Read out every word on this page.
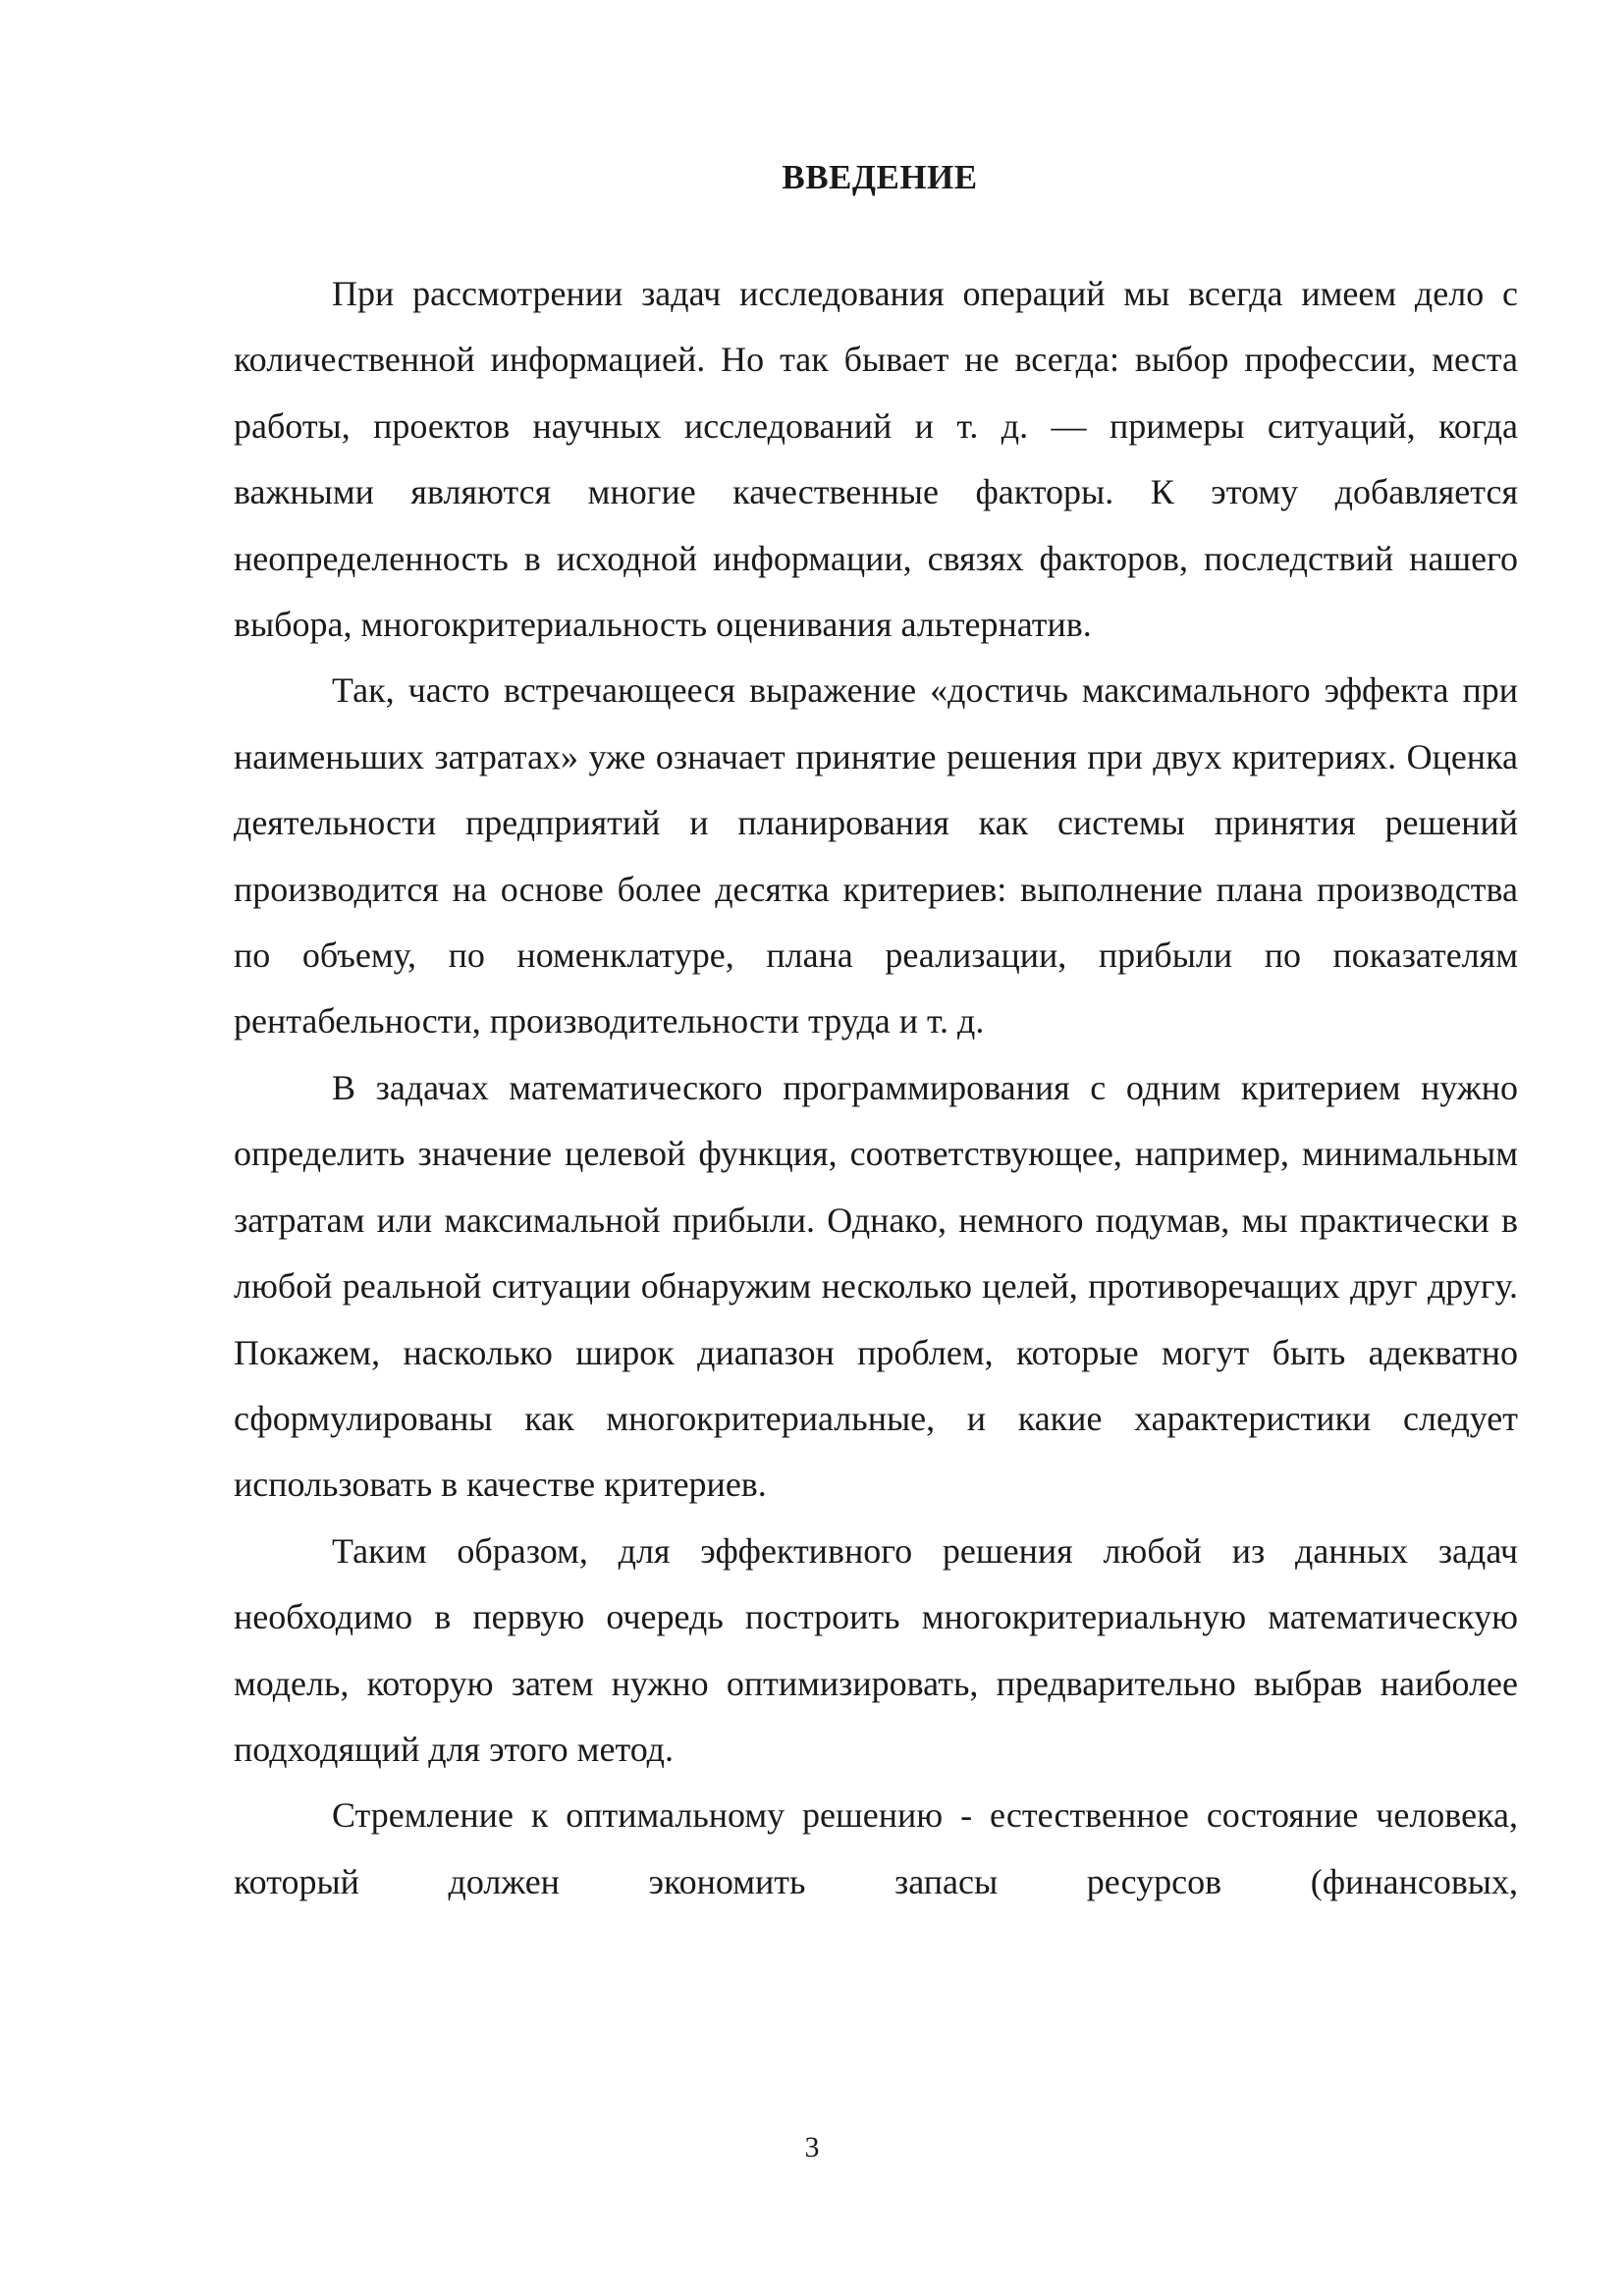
ВВЕДЕНИЕ

При рассмотрении задач исследования операций мы всегда имеем дело с количественной информацией. Но так бывает не всегда: выбор профессии, места работы, проектов научных исследований и т. д. — примеры ситуаций, когда важными являются многие качественные факторы. К этому добавляется неопределенность в исходной информации, связях факторов, последствий нашего выбора, многокритериальность оценивания альтернатив.

Так, часто встречающееся выражение «достичь максимального эффекта при наименьших затратах» уже означает принятие решения при двух критериях. Оценка деятельности предприятий и планирования как системы принятия решений производится на основе более десятка критериев: выполнение плана производства по объему, по номенклатуре, плана реализации, прибыли по показателям рентабельности, производительности труда и т. д.

В задачах математического программирования с одним критерием нужно определить значение целевой функция, соответствующее, например, минимальным затратам или максимальной прибыли. Однако, немного подумав, мы практически в любой реальной ситуации обнаружим несколько целей, противоречащих друг другу. Покажем, насколько широк диапазон проблем, которые могут быть адекватно сформулированы как многокритериальные, и какие характеристики следует использовать в качестве критериев.

Таким образом, для эффективного решения любой из данных задач необходимо в первую очередь построить многокритериальную математическую модель, которую затем нужно оптимизировать, предварительно выбрав наиболее подходящий для этого метод.

Стремление к оптимальному решению - естественное состояние человека, который должен экономить запасы ресурсов (финансовых,

3
